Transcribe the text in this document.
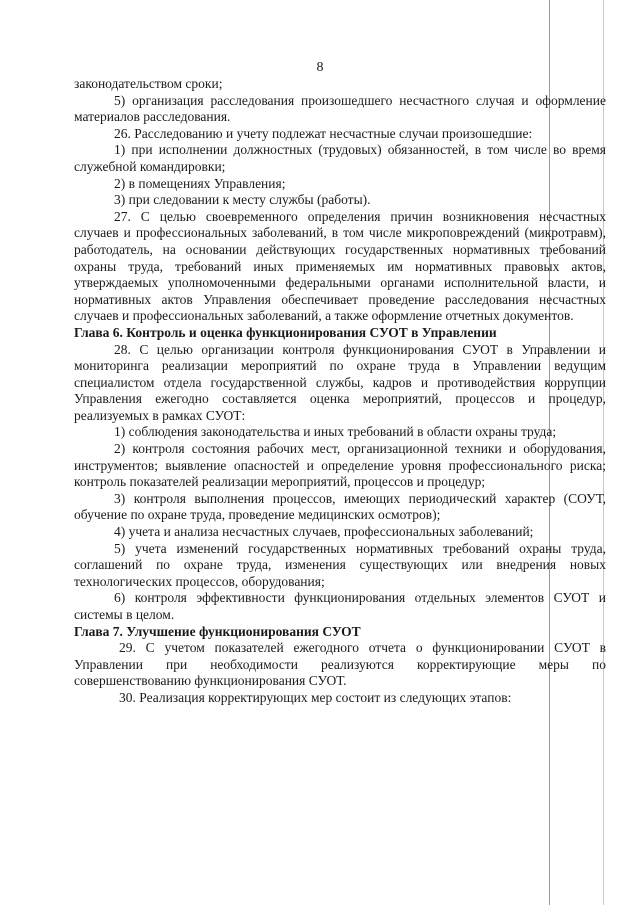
8

законодательством сроки;

5) организация расследования произошедшего несчастного случая и оформление материалов расследования.

26. Расследованию и учету подлежат несчастные случаи произошедшие:

1) при исполнении должностных (трудовых) обязанностей, в том числе во время служебной командировки;

2) в помещениях Управления;

3) при следовании к месту службы (работы).

27. С целью своевременного определения причин возникновения несчастных случаев и профессиональных заболеваний, в том числе микроповреждений (микротравм), работодатель, на основании действующих государственных нормативных требований охраны труда, требований иных применяемых им нормативных правовых актов, утверждаемых уполномоченными федеральными органами исполнительной власти, и нормативных актов Управления обеспечивает проведение расследования несчастных случаев и профессиональных заболеваний, а также оформление отчетных документов.

Глава 6. Контроль и оценка функционирования СУОТ в Управлении

28. С целью организации контроля функционирования СУОТ в Управлении и мониторинга реализации мероприятий по охране труда в Управлении ведущим специалистом отдела государственной службы, кадров и противодействия коррупции Управления ежегодно составляется оценка мероприятий, процессов и процедур, реализуемых в рамках СУОТ:

1) соблюдения законодательства и иных требований в области охраны труда;

2) контроля состояния рабочих мест, организационной техники и оборудования, инструментов; выявление опасностей и определение уровня профессионального риска; контроль показателей реализации мероприятий, процессов и процедур;

3) контроля выполнения процессов, имеющих периодический характер (СОУТ, обучение по охране труда, проведение медицинских осмотров);

4) учета и анализа несчастных случаев, профессиональных заболеваний;

5) учета изменений государственных нормативных требований охраны труда, соглашений по охране труда, изменения существующих или внедрения новых технологических процессов, оборудования;

6) контроля эффективности функционирования отдельных элементов СУОТ и системы в целом.

Глава 7. Улучшение функционирования СУОТ

29. С учетом показателей ежегодного отчета о функционировании СУОТ в Управлении при необходимости реализуются корректирующие меры по совершенствованию функционирования СУОТ.

30. Реализация корректирующих мер состоит из следующих этапов:
